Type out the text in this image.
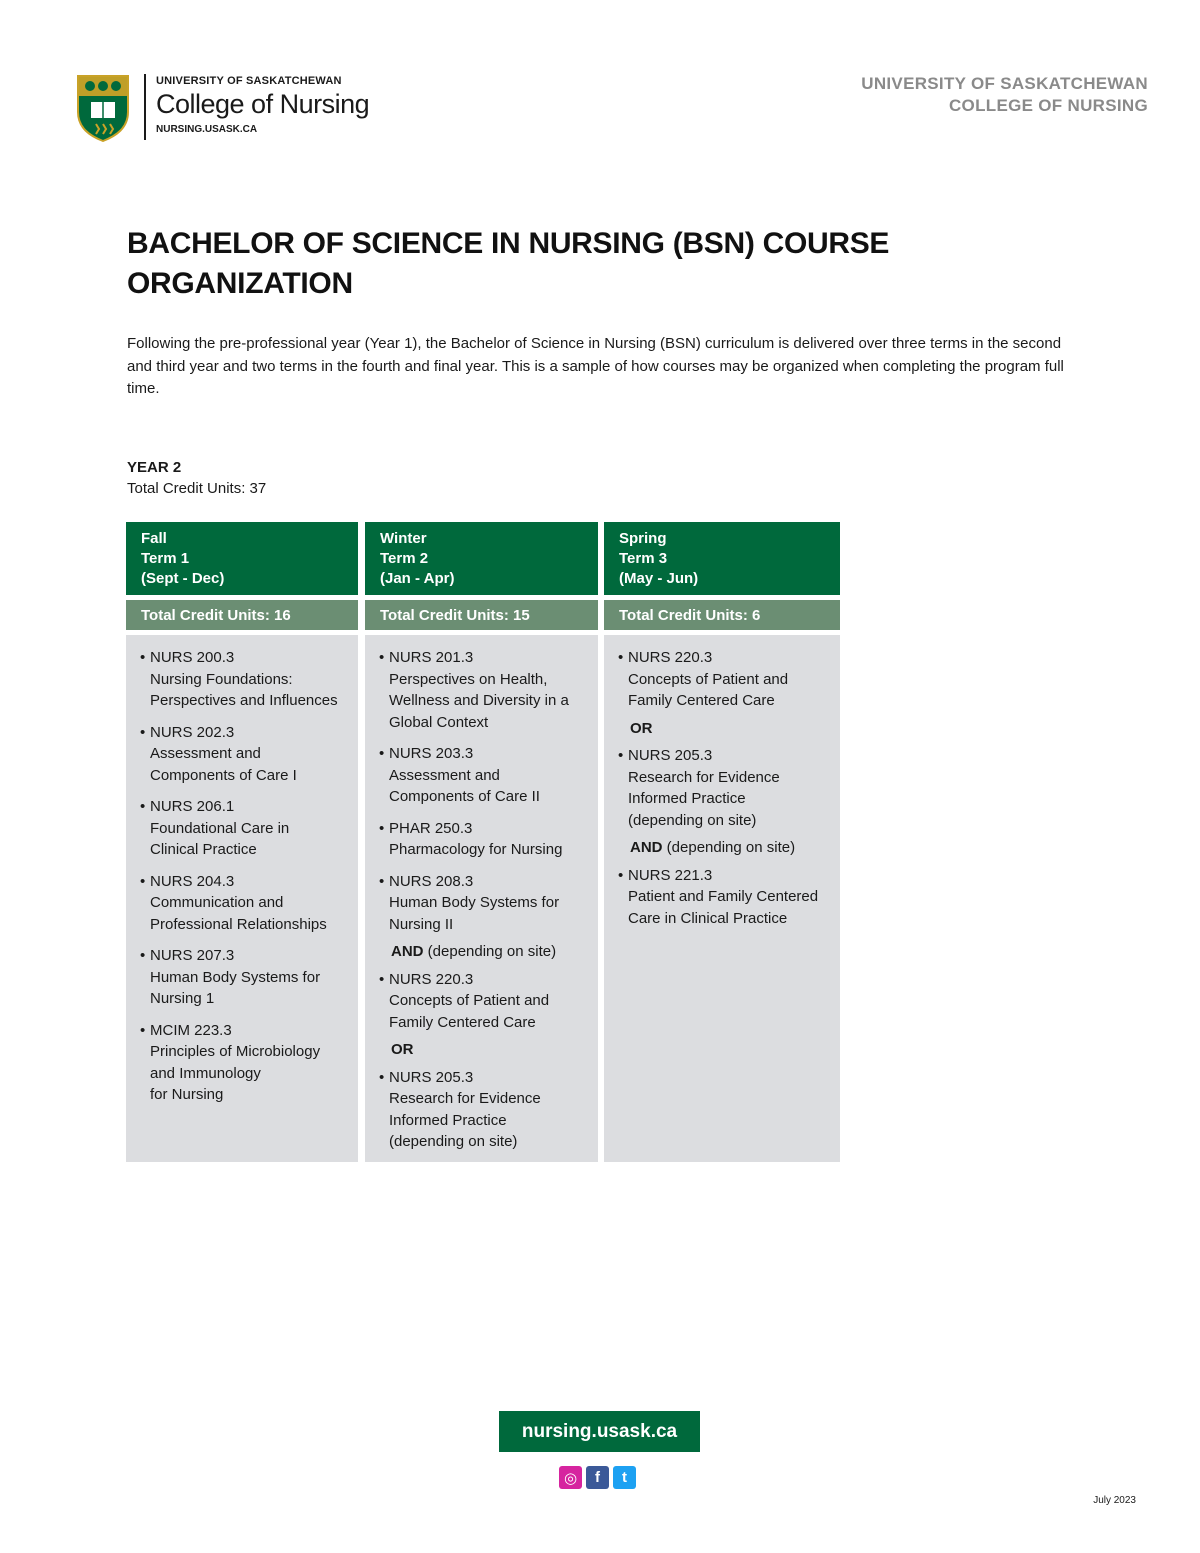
UNIVERSITY OF SASKATCHEWAN
College of Nursing
NURSING.USASK.CA
UNIVERSITY OF SASKATCHEWAN
COLLEGE OF NURSING
BACHELOR OF SCIENCE IN NURSING (BSN) COURSE ORGANIZATION

Following the pre-professional year (Year 1), the Bachelor of Science in Nursing (BSN) curriculum is delivered over three terms in the second and third year and two terms in the fourth and final year. This is a sample of how courses may be organized when completing the program full time.

YEAR 2
Total Credit Units: 37
Fall
Term 1
(Sept - Dec)
Total Credit Units: 16
• NURS 200.3
Nursing Foundations:
Perspectives and Influences
• NURS 202.3
Assessment and
Components of Care I
• NURS 206.1
Foundational Care in
Clinical Practice
• NURS 204.3
Communication and
Professional Relationships
• NURS 207.3
Human Body Systems for
Nursing 1
• MCIM 223.3
Principles of Microbiology
and Immunology
for Nursing
Winter
Term 2
(Jan - Apr)
Total Credit Units: 15
• NURS 201.3
Perspectives on Health,
Wellness and Diversity in a
Global Context
• NURS 203.3
Assessment and
Components of Care II
• PHAR 250.3
Pharmacology for Nursing
• NURS 208.3
Human Body Systems for
Nursing II
AND (depending on site)
• NURS 220.3
Concepts of Patient and
Family Centered Care
OR
• NURS 205.3
Research for Evidence
Informed Practice
(depending on site)
Spring
Term 3
(May - Jun)
Total Credit Units: 6
• NURS 220.3
Concepts of Patient and
Family Centered Care
OR
• NURS 205.3
Research for Evidence
Informed Practice
(depending on site)
AND (depending on site)
• NURS 221.3
Patient and Family Centered
Care in Clinical Practice
nursing.usask.ca
◎	f	t
July 2023
